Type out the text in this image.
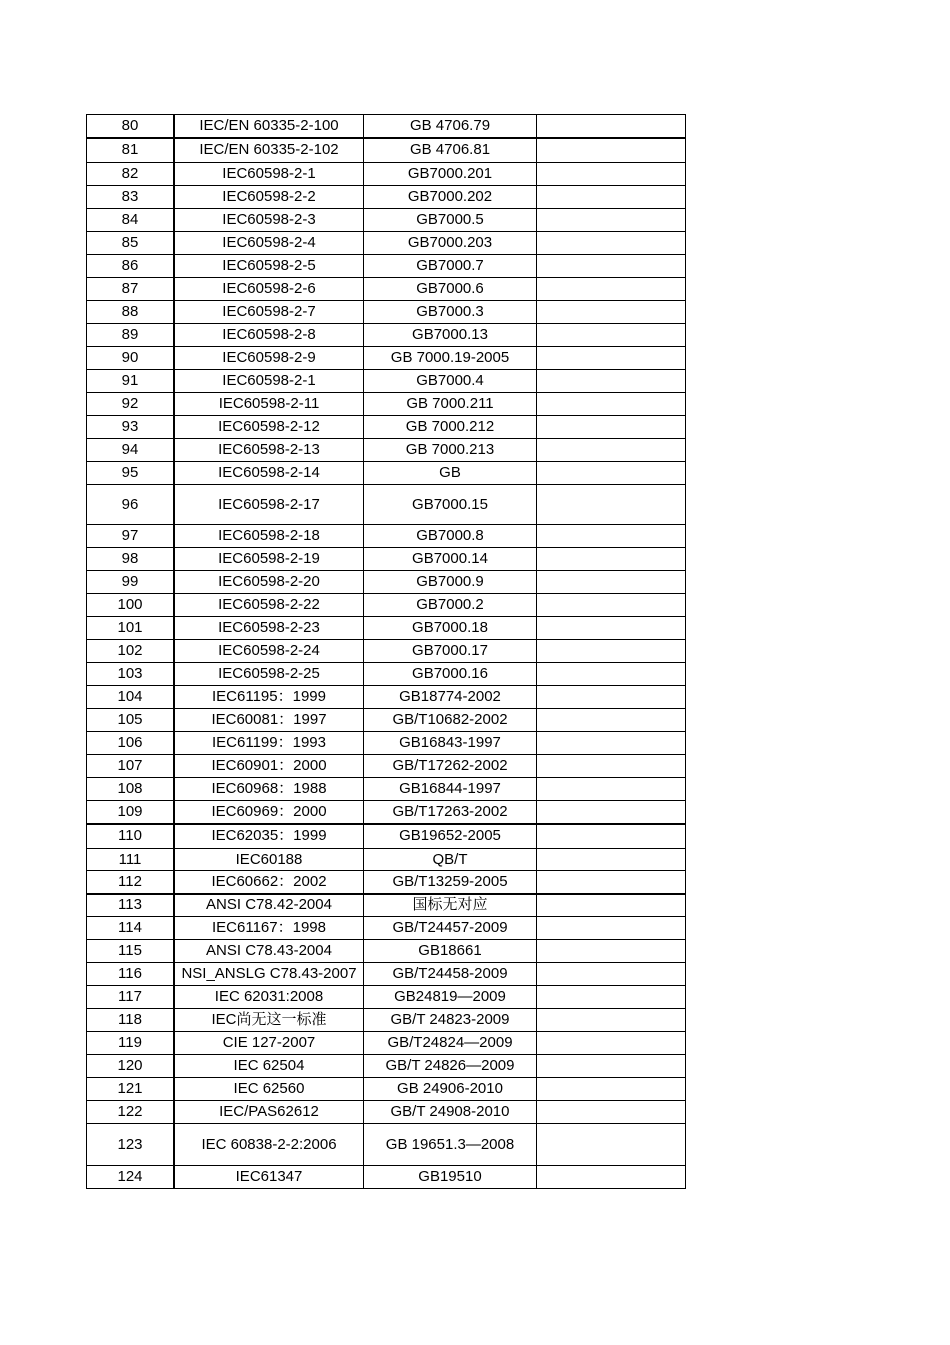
80	IEC/EN 60335-2-100	GB 4706.79	
81	IEC/EN 60335-2-102	GB 4706.81	
82	IEC60598-2-1	GB7000.201	
83	IEC60598-2-2	GB7000.202	
84	IEC60598-2-3	GB7000.5	
85	IEC60598-2-4	GB7000.203	
86	IEC60598-2-5	GB7000.7	
87	IEC60598-2-6	GB7000.6	
88	IEC60598-2-7	GB7000.3	
89	IEC60598-2-8	GB7000.13	
90	IEC60598-2-9	GB 7000.19-2005	
91	IEC60598-2-1	GB7000.4	
92	IEC60598-2-11	GB 7000.211	
93	IEC60598-2-12	GB 7000.212	
94	IEC60598-2-13	GB 7000.213	
95	IEC60598-2-14	GB	
96	IEC60598-2-17	GB7000.15	
97	IEC60598-2-18	GB7000.8	
98	IEC60598-2-19	GB7000.14	
99	IEC60598-2-20	GB7000.9	
100	IEC60598-2-22	GB7000.2	
101	IEC60598-2-23	GB7000.18	
102	IEC60598-2-24	GB7000.17	
103	IEC60598-2-25	GB7000.16	
104	IEC61195：1999	GB18774-2002	
105	IEC60081：1997	GB/T10682-2002	
106	IEC61199：1993	GB16843-1997	
107	IEC60901：2000	GB/T17262-2002	
108	IEC60968：1988	GB16844-1997	
109	IEC60969：2000	GB/T17263-2002	
110	IEC62035：1999	GB19652-2005	
111	IEC60188	QB/T	
112	IEC60662：2002	GB/T13259-2005	
113	ANSI C78.42-2004	国标无对应	
114	IEC61167：1998	GB/T24457-2009	
115	ANSI C78.43-2004	GB18661	
116	NSI_ANSLG C78.43-2007	GB/T24458-2009	
117	IEC 62031:2008	GB24819—2009	
118	IEC尚无这一标准	GB/T 24823-2009	
119	CIE 127-2007	GB/T24824—2009	
120	IEC 62504	GB/T 24826—2009	
121	IEC 62560	GB 24906-2010	
122	IEC/PAS62612	GB/T 24908-2010	
123	IEC 60838-2-2:2006	GB 19651.3—2008	
124	IEC61347	GB19510	
